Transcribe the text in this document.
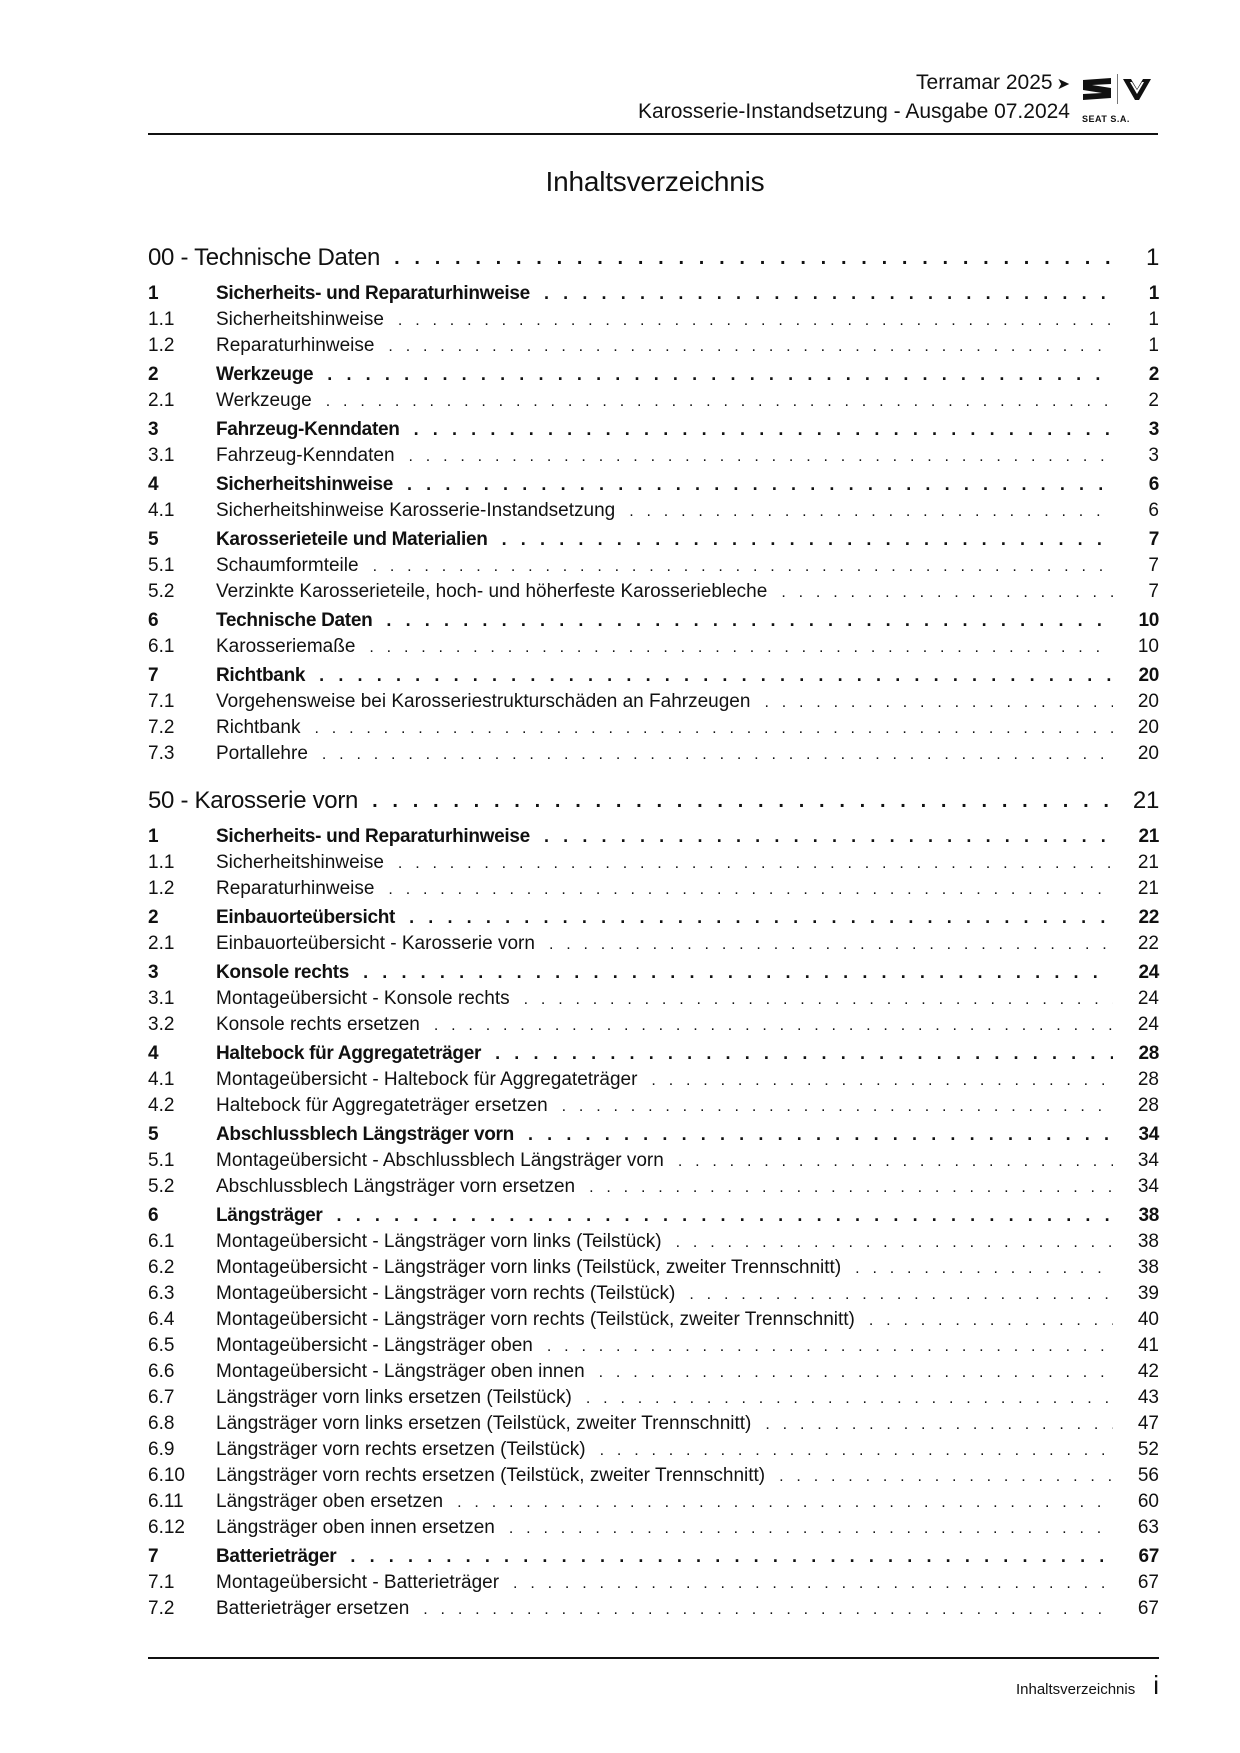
Terramar 2025 ➤
Karosserie-Instandsetzung - Ausgabe 07.2024 SEAT S.A.
Inhaltsverzeichnis
00 - Technische Daten . . .	1
1	Sicherheits- und Reparaturhinweise . . .	1
1.1	Sicherheitshinweise . . .	1
1.2	Reparaturhinweise . . .	1
2	Werkzeuge . . .	2
2.1	Werkzeuge . . .	2
3	Fahrzeug-Kenndaten . . .	3
3.1	Fahrzeug-Kenndaten . . .	3
4	Sicherheitshinweise . . .	6
4.1	Sicherheitshinweise Karosserie-Instandsetzung . . .	6
5	Karosserieteile und Materialien . . .	7
5.1	Schaumformteile . . .	7
5.2	Verzinkte Karosserieteile, hoch- und höherfeste Karosseriebleche . . .	7
6	Technische Daten . . .	10
6.1	Karosseriemaße . . .	10
7	Richtbank . . .	20
7.1	Vorgehensweise bei Karosseriestrukturschäden an Fahrzeugen . . .	20
7.2	Richtbank . . .	20
7.3	Portallehre . . .	20
50 - Karosserie vorn . . .	21
1	Sicherheits- und Reparaturhinweise . . .	21
1.1	Sicherheitshinweise . . .	21
1.2	Reparaturhinweise . . .	21
2	Einbauorteübersicht . . .	22
2.1	Einbauorteübersicht - Karosserie vorn . . .	22
3	Konsole rechts . . .	24
3.1	Montageübersicht - Konsole rechts . . .	24
3.2	Konsole rechts ersetzen . . .	24
4	Haltebock für Aggregateträger . . .	28
4.1	Montageübersicht - Haltebock für Aggregateträger . . .	28
4.2	Haltebock für Aggregateträger ersetzen . . .	28
5	Abschlussblech Längsträger vorn . . .	34
5.1	Montageübersicht - Abschlussblech Längsträger vorn . . .	34
5.2	Abschlussblech Längsträger vorn ersetzen . . .	34
6	Längsträger . . .	38
6.1	Montageübersicht - Längsträger vorn links (Teilstück) . . .	38
6.2	Montageübersicht - Längsträger vorn links (Teilstück, zweiter Trennschnitt) . . .	38
6.3	Montageübersicht - Längsträger vorn rechts (Teilstück) . . .	39
6.4	Montageübersicht - Längsträger vorn rechts (Teilstück, zweiter Trennschnitt) . . .	40
6.5	Montageübersicht - Längsträger oben . . .	41
6.6	Montageübersicht - Längsträger oben innen . . .	42
6.7	Längsträger vorn links ersetzen (Teilstück) . . .	43
6.8	Längsträger vorn links ersetzen (Teilstück, zweiter Trennschnitt) . . .	47
6.9	Längsträger vorn rechts ersetzen (Teilstück) . . .	52
6.10	Längsträger vorn rechts ersetzen (Teilstück, zweiter Trennschnitt) . . .	56
6.11	Längsträger oben ersetzen . . .	60
6.12	Längsträger oben innen ersetzen . . .	63
7	Batterieträger . . .	67
7.1	Montageübersicht - Batterieträger . . .	67
7.2	Batterieträger ersetzen . . .	67
Inhaltsverzeichnis i
